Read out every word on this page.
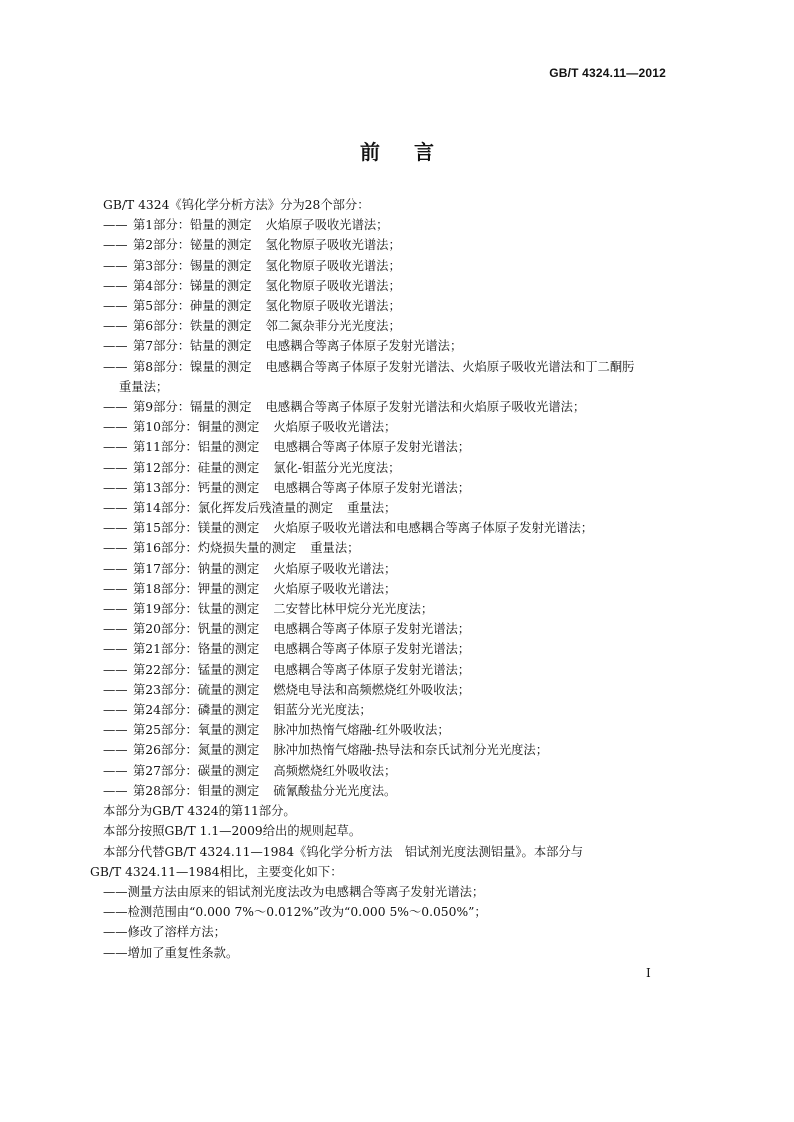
GB/T 4324.11—2012
前 言
GB/T 4324《钨化学分析方法》分为28个部分：
—— 第1部分：铅量的测定 火焰原子吸收光谱法；
—— 第2部分：铋量的测定 氢化物原子吸收光谱法；
—— 第3部分：锡量的测定 氢化物原子吸收光谱法；
—— 第4部分：锑量的测定 氢化物原子吸收光谱法；
—— 第5部分：砷量的测定 氢化物原子吸收光谱法；
—— 第6部分：铁量的测定 邻二氮杂菲分光光度法；
—— 第7部分：钴量的测定 电感耦合等离子体原子发射光谱法；
—— 第8部分：镍量的测定 电感耦合等离子体原子发射光谱法、火焰原子吸收光谱法和丁二酮肟
重量法；
—— 第9部分：镉量的测定 电感耦合等离子体原子发射光谱法和火焰原子吸收光谱法；
—— 第10部分：铜量的测定 火焰原子吸收光谱法；
—— 第11部分：铝量的测定 电感耦合等离子体原子发射光谱法；
—— 第12部分：硅量的测定 氯化-钼蓝分光光度法；
—— 第13部分：钙量的测定 电感耦合等离子体原子发射光谱法；
—— 第14部分：氯化挥发后残渣量的测定 重量法；
—— 第15部分：镁量的测定 火焰原子吸收光谱法和电感耦合等离子体原子发射光谱法；
—— 第16部分：灼烧损失量的测定 重量法；
—— 第17部分：钠量的测定 火焰原子吸收光谱法；
—— 第18部分：钾量的测定 火焰原子吸收光谱法；
—— 第19部分：钛量的测定 二安替比林甲烷分光光度法；
—— 第20部分：钒量的测定 电感耦合等离子体原子发射光谱法；
—— 第21部分：铬量的测定 电感耦合等离子体原子发射光谱法；
—— 第22部分：锰量的测定 电感耦合等离子体原子发射光谱法；
—— 第23部分：硫量的测定 燃烧电导法和高频燃烧红外吸收法；
—— 第24部分：磷量的测定 钼蓝分光光度法；
—— 第25部分：氧量的测定 脉冲加热惰气熔融-红外吸收法；
—— 第26部分：氮量的测定 脉冲加热惰气熔融-热导法和奈氏试剂分光光度法；
—— 第27部分：碳量的测定 高频燃烧红外吸收法；
—— 第28部分：钼量的测定 硫氰酸盐分光光度法。
本部分为GB/T 4324的第11部分。
本部分按照GB/T 1.1—2009给出的规则起草。
本部分代替GB/T 4324.11—1984《钨化学分析方法　铝试剂光度法测铝量》。本部分与
GB/T 4324.11—1984相比，主要变化如下：
——测量方法由原来的铝试剂光度法改为电感耦合等离子发射光谱法；
——检测范围由“0.000 7%～0.012%”改为“0.000 5%～0.050%”；
——修改了溶样方法；
——增加了重复性条款。
I
